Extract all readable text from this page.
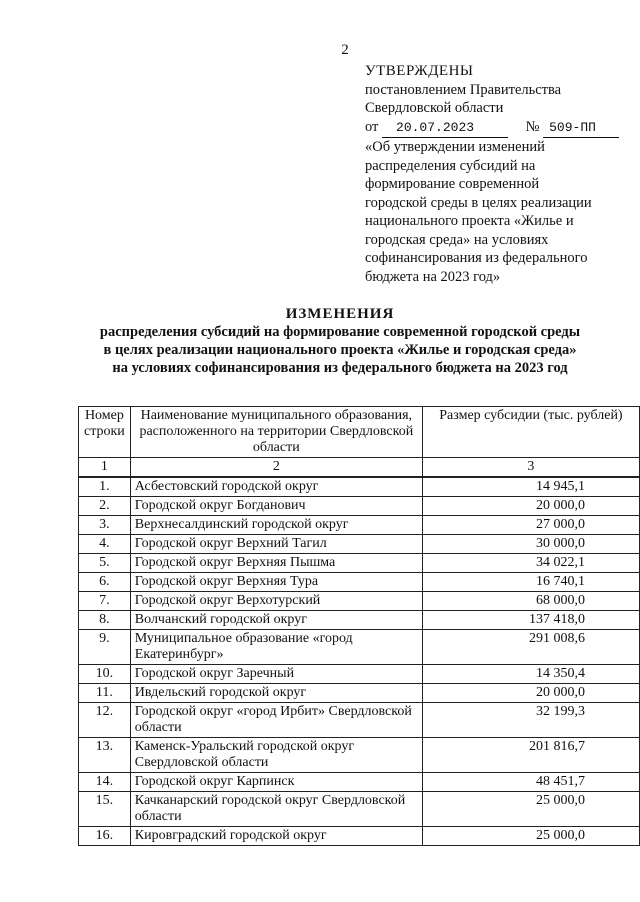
2
УТВЕРЖДЕНЫ
постановлением Правительства
Свердловской области
от 20.07.2023	№ 509-ПП
«Об утверждении изменений
распределения субсидий на
формирование современной
городской среды в целях реализации
национального проекта «Жилье и
городская среда» на условиях
софинансирования из федерального
бюджета на 2023 год»
ИЗМЕНЕНИЯ
распределения субсидий на формирование современной городской среды
в целях реализации национального проекта «Жилье и городская среда»
на условиях софинансирования из федерального бюджета на 2023 год
Номер строки	Наименование муниципального образования, расположенного на территории Свердловской области	Размер субсидии (тыс. рублей)
1	2	3
1.	Асбестовский городской округ	14 945,1
2.	Городской округ Богданович	20 000,0
3.	Верхнесалдинский городской округ	27 000,0
4.	Городской округ Верхний Тагил	30 000,0
5.	Городской округ Верхняя Пышма	34 022,1
6.	Городской округ Верхняя Тура	16 740,1
7.	Городской округ Верхотурский	68 000,0
8.	Волчанский городской округ	137 418,0
9.	Муниципальное образование «город Екатеринбург»	291 008,6
10.	Городской округ Заречный	14 350,4
11.	Ивдельский городской округ	20 000,0
12.	Городской округ «город Ирбит» Свердловской области	32 199,3
13.	Каменск-Уральский городской округ Свердловской области	201 816,7
14.	Городской округ Карпинск	48 451,7
15.	Качканарский городской округ Свердловской области	25 000,0
16.	Кировградский городской округ	25 000,0
